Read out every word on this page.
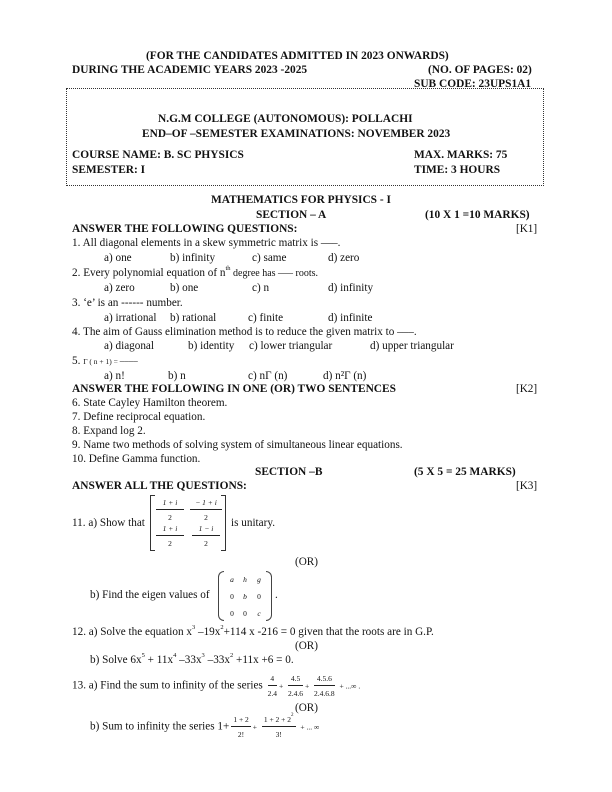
(FOR THE CANDIDATES ADMITTED IN 2023 ONWARDS)
DURING THE ACADEMIC YEARS 2023 -2025	(NO. OF PAGES: 02)
SUB CODE: 23UPS1A1
N.G.M COLLEGE (AUTONOMOUS): POLLACHI
END–OF –SEMESTER EXAMINATIONS: NOVEMBER 2023
COURSE NAME: B. SC PHYSICS	MAX. MARKS: 75
SEMESTER: I	TIME: 3 HOURS
MATHEMATICS FOR PHYSICS - I
SECTION – A	(10 X 1 =10 MARKS)
ANSWER THE FOLLOWING QUESTIONS:	[K1]
1. All diagonal elements in a skew symmetric matrix is –––.
a) one	b) infinity	c) same	d) zero
2. Every polynomial equation of $n^{th}$ degree has ––– roots.
a) zero	b) one	c) n	d) infinity
3. ‘e’ is an ------ number.
a) irrational b) rational	c) finite	d) infinite
4. The aim of Gauss elimination method is to reduce the given matrix to –––.
a) diagonal	b) identity c) lower triangular	d) upper triangular
5. Γ ( n + 1) = ––––
a) n!	b) n	c) nΓ (n)	d) n²Γ (n)
ANSWER THE FOLLOWING IN ONE (OR) TWO SENTENCES	[K2]
6. State Cayley Hamilton theorem.
7. Define reciprocal equation.
8. Expand log 2.
9. Name two methods of solving system of simultaneous linear equations.
10. Define Gamma function.
SECTION –B	(5 X 5 = 25 MARKS)
ANSWER ALL THE QUESTIONS:	[K3]
11. a) Show that
$\frac{1 + i}{2} \frac{- 1 + i}{2}$
$\frac{1 + i}{2} \frac{1 - i}{2}$
is unitary.
(OR)
b) Find the eigen values of
a	h	g
0	b	0
0	0	c
.
12. a) Solve the equation $x^3$ $-19x^2+114$ x -216 = 0 given that the roots are in G.P.
(OR)
b) Solve $6x^5 + 11x^4$ $-33x^3$ $-33x^2 +11x +6 = 0$.
13. a) Find the sum to infinity of the series $\frac{4}{2.4} + \frac{4.5}{2.4.6} + \frac{4.5.6}{2.4.6.8}$ + ...∞ .
(OR)
b) Sum to infinity the series $1+ \frac{1 + 2}{2!} + \frac{1 + 2 + 2^2}{3!}$ + ... ∞
